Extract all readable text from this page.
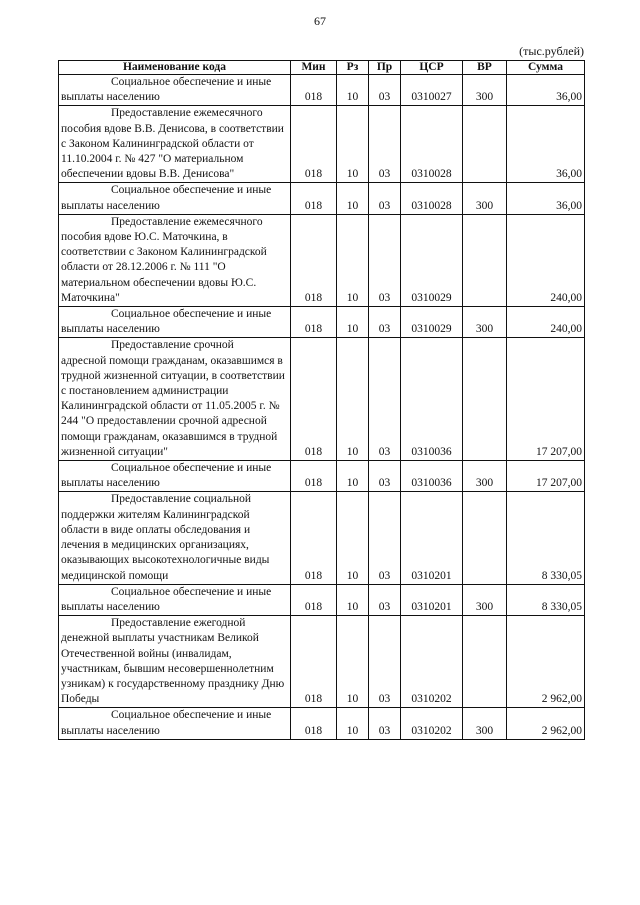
67
(тыс.рублей)
Наименование кода	Мин	Рз	Пр	ЦСР	ВР	Сумма

Социальное обеспечение и иные
выплаты населению	018	10	03	0310027	300	36,00

Предоставление ежемесячного
пособия вдове В.В. Денисова, в соответствии с Законом Калининградской области от 11.10.2004 г. № 427 "О материальном обеспечении вдовы В.В. Денисова"	018	10	03	0310028		36,00

Социальное обеспечение и иные
выплаты населению	018	10	03	0310028	300	36,00

Предоставление ежемесячного
пособия вдове Ю.С. Маточкина, в соответствии с Законом Калининградской области от 28.12.2006 г. № 111 "О материальном обеспечении вдовы Ю.С. Маточкина"	018	10	03	0310029		240,00

Социальное обеспечение и иные
выплаты населению	018	10	03	0310029	300	240,00

Предоставление срочной
адресной помощи гражданам, оказавшимся в трудной жизненной ситуации, в соответствии с постановлением администрации Калининградской области от 11.05.2005 г. № 244 "О предоставлении срочной адресной помощи гражданам, оказавшимся в трудной жизненной ситуации"	018	10	03	0310036		17 207,00

Социальное обеспечение и иные
выплаты населению	018	10	03	0310036	300	17 207,00

Предоставление социальной
поддержки жителям Калининградской области в виде оплаты обследования и лечения в медицинских организациях, оказывающих высокотехнологичные виды медицинской помощи	018	10	03	0310201		8 330,05

Социальное обеспечение и иные
выплаты населению	018	10	03	0310201	300	8 330,05

Предоставление ежегодной
денежной выплаты участникам Великой Отечественной войны (инвалидам, участникам, бывшим несовершеннолетним узникам) к государственному празднику Дню Победы	018	10	03	0310202		2 962,00

Социальное обеспечение и иные
выплаты населению	018	10	03	0310202	300	2 962,00
